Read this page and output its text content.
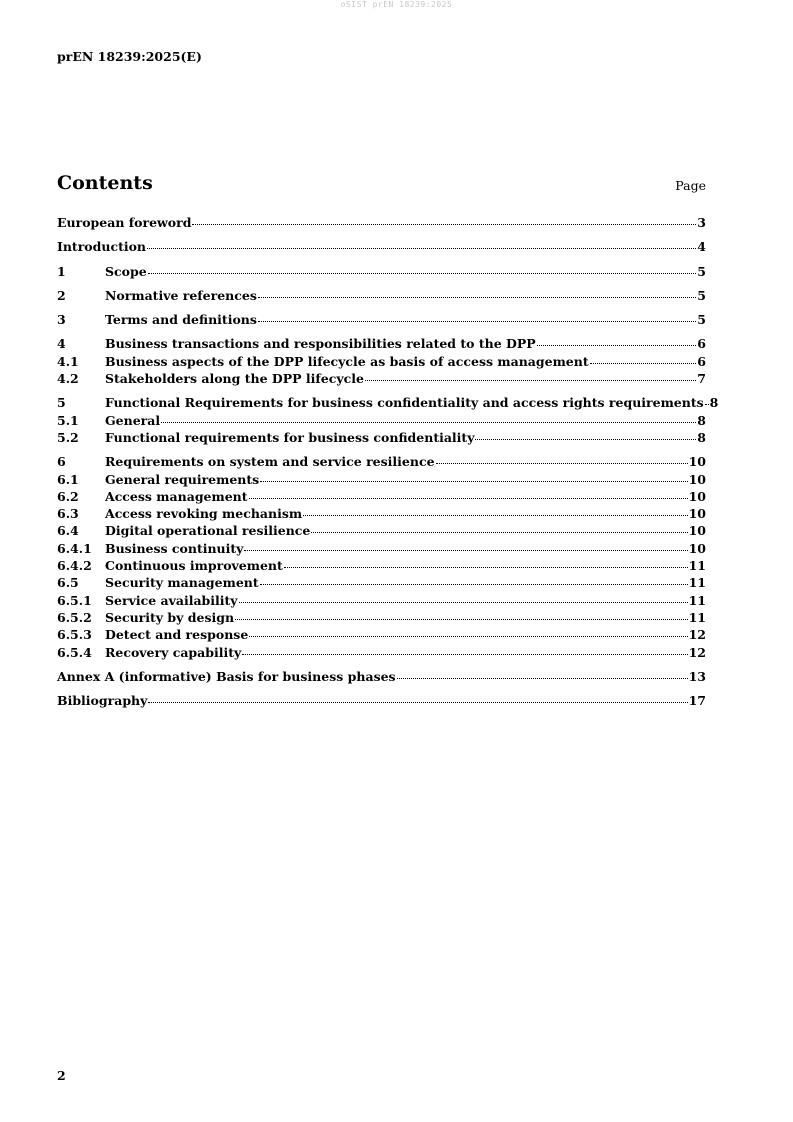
oSIST prEN 18239:2025
prEN 18239:2025(E)
Contents	Page
European foreword	3
Introduction	4
1	Scope	5
2	Normative references	5
3	Terms and definitions	5
4	Business transactions and responsibilities related to the DPP	6
4.1	Business aspects of the DPP lifecycle as basis of access management	6
4.2	Stakeholders along the DPP lifecycle	7
5	Functional Requirements for business confidentiality and access rights requirements 8
5.1	General	8
5.2	Functional requirements for business confidentiality	8
6	Requirements on system and service resilience	10
6.1	General requirements	10
6.2	Access management	10
6.3	Access revoking mechanism	10
6.4	Digital operational resilience	10
6.4.1	Business continuity	10
6.4.2	Continuous improvement	11
6.5	Security management	11
6.5.1	Service availability	11
6.5.2	Security by design	11
6.5.3	Detect and response	12
6.5.4	Recovery capability	12
Annex A (informative) Basis for business phases	13
Bibliography	17
2
